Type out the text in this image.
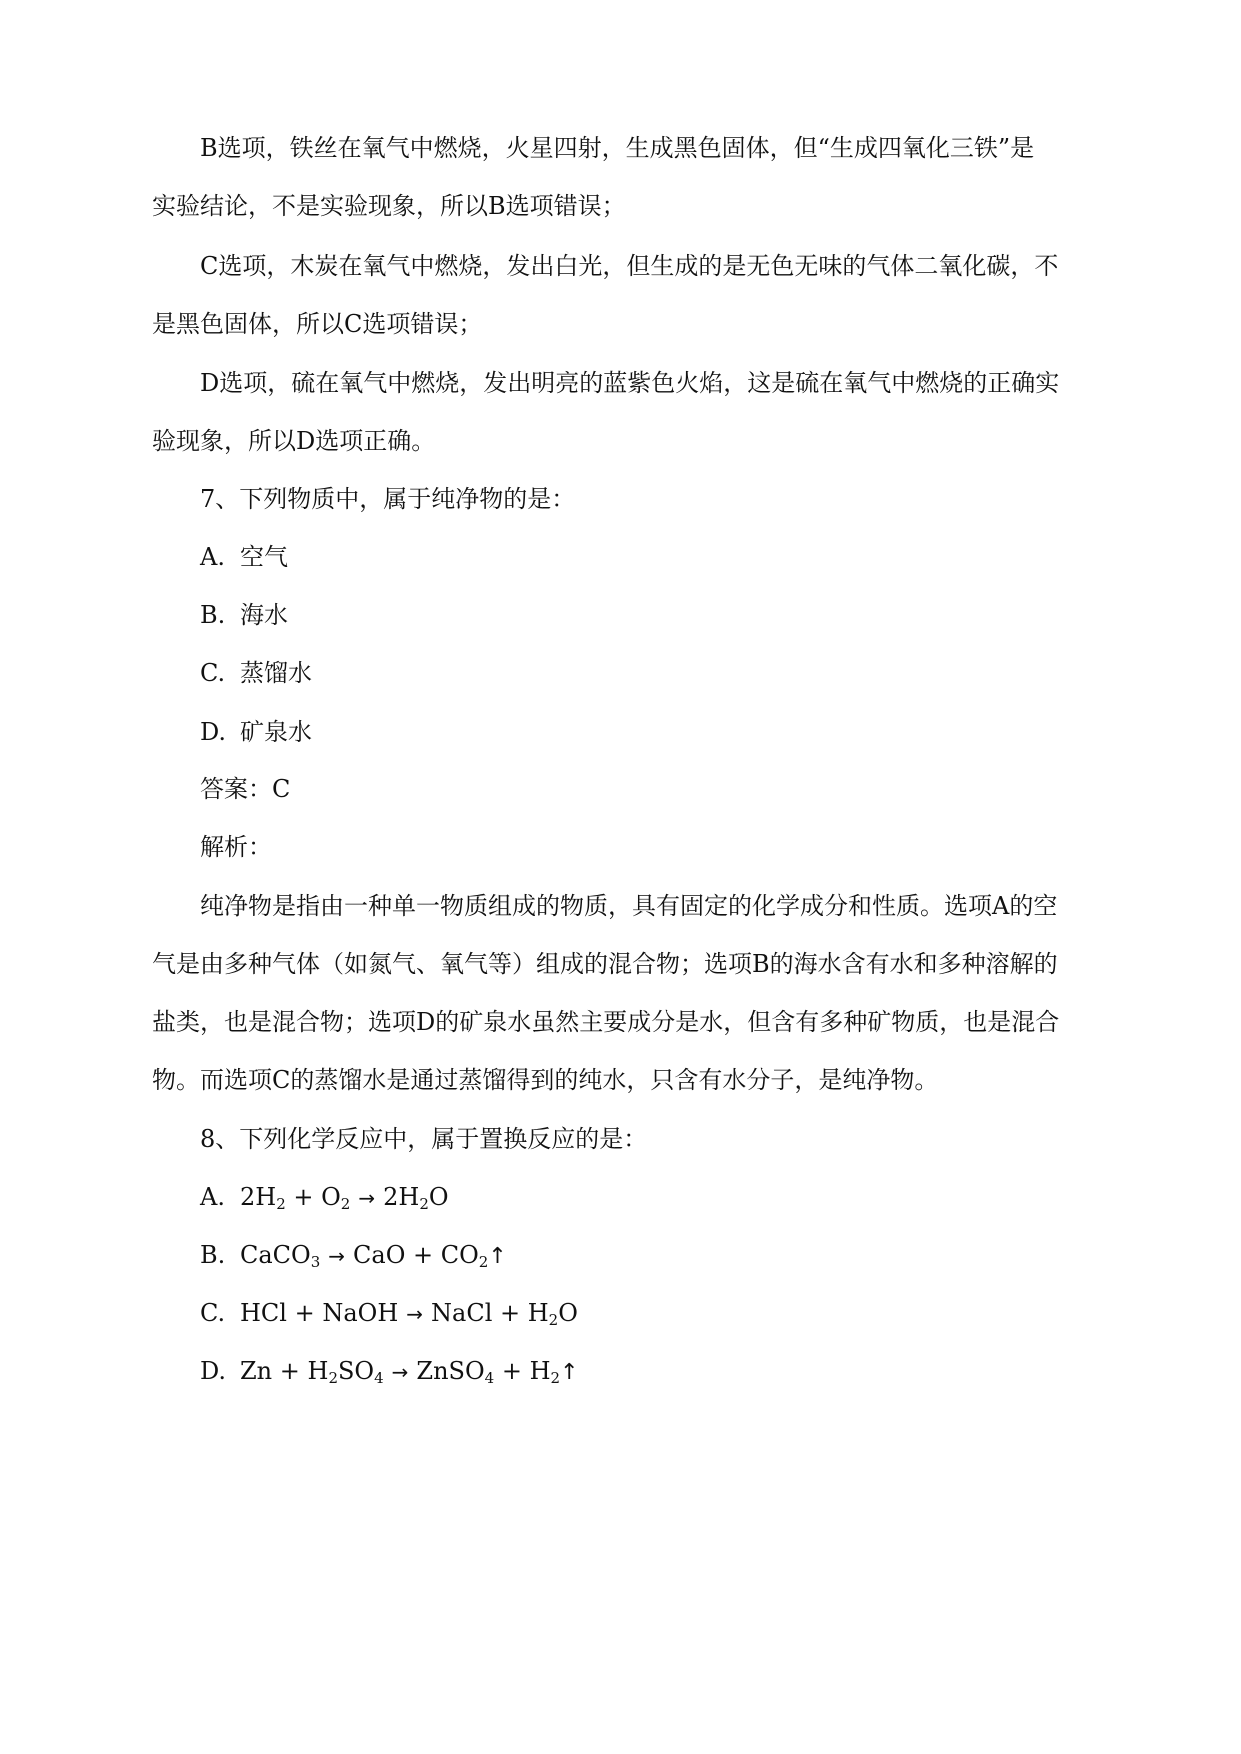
B选项，铁丝在氧气中燃烧，火星四射，生成黑色固体，但“生成四氧化三铁”是
实验结论，不是实验现象，所以B选项错误；
C选项，木炭在氧气中燃烧，发出白光，但生成的是无色无味的气体二氧化碳，不
是黑色固体，所以C选项错误；
D选项，硫在氧气中燃烧，发出明亮的蓝紫色火焰，这是硫在氧气中燃烧的正确实
验现象，所以D选项正确。
7、下列物质中，属于纯净物的是：
A. 空气
B. 海水
C. 蒸馏水
D. 矿泉水
答案：C
解析：
纯净物是指由一种单一物质组成的物质，具有固定的化学成分和性质。选项A的空
气是由多种气体（如氮气、氧气等）组成的混合物；选项B的海水含有水和多种溶解的
盐类，也是混合物；选项D的矿泉水虽然主要成分是水，但含有多种矿物质，也是混合
物。而选项C的蒸馏水是通过蒸馏得到的纯水，只含有水分子，是纯净物。
8、下列化学反应中，属于置换反应的是：
A. $2H_2 + O_2 \to 2H_2O$
B. CaCO$_3$ → CaO + $CO_2↑$
C. HCl + NaOH → NaCl + $H_2O$
D. $Zn + H_2SO_4$ → ZnSO$_4$ + $H_2↑$
